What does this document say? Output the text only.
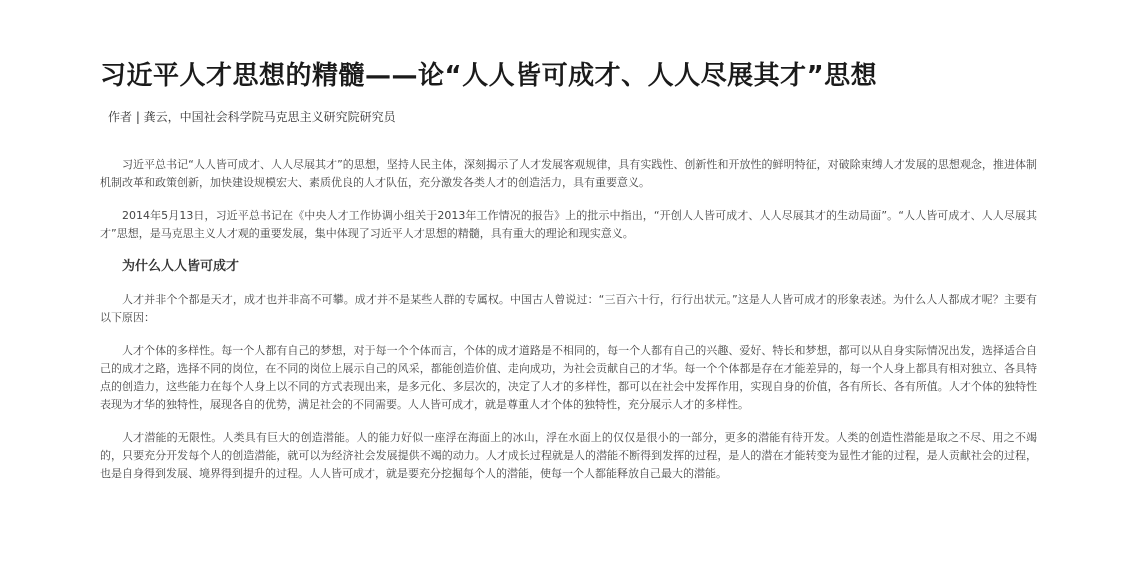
习近平人才思想的精髓——论“人人皆可成才、人人尽展其才”思想
作者 | 龚云，中国社会科学院马克思主义研究院研究员

习近平总书记“人人皆可成才、人人尽展其才”的思想，坚持人民主体，深刻揭示了人才发展客观规律，具有实践性、创新性和开放性的鲜明特征，对破除束缚人才发展的思想观念，推进体制机制改革和政策创新，加快建设规模宏大、素质优良的人才队伍，充分激发各类人才的创造活力，具有重要意义。

2014年5月13日，习近平总书记在《中央人才工作协调小组关于2013年工作情况的报告》上的批示中指出，“开创人人皆可成才、人人尽展其才的生动局面”。“人人皆可成才、人人尽展其才”思想，是马克思主义人才观的重要发展，集中体现了习近平人才思想的精髓，具有重大的理论和现实意义。

为什么人人皆可成才

人才并非个个都是天才，成才也并非高不可攀。成才并不是某些人群的专属权。中国古人曾说过：“三百六十行，行行出状元。”这是人人皆可成才的形象表述。为什么人人都成才呢？主要有以下原因：

人才个体的多样性。每一个人都有自己的梦想，对于每一个个体而言，个体的成才道路是不相同的，每一个人都有自己的兴趣、爱好、特长和梦想，都可以从自身实际情况出发，选择适合自己的成才之路，选择不同的岗位，在不同的岗位上展示自己的风采，都能创造价值、走向成功，为社会贡献自己的才华。每一个个体都是存在才能差异的，每一个人身上都具有相对独立、各具特点的创造力，这些能力在每个人身上以不同的方式表现出来，是多元化、多层次的，决定了人才的多样性，都可以在社会中发挥作用，实现自身的价值，各有所长、各有所值。人才个体的独特性表现为才华的独特性，展现各自的优势，满足社会的不同需要。人人皆可成才，就是尊重人才个体的独特性，充分展示人才的多样性。

人才潜能的无限性。人类具有巨大的创造潜能。人的能力好似一座浮在海面上的冰山，浮在水面上的仅仅是很小的一部分，更多的潜能有待开发。人类的创造性潜能是取之不尽、用之不竭的，只要充分开发每个人的创造潜能，就可以为经济社会发展提供不竭的动力。人才成长过程就是人的潜能不断得到发挥的过程，是人的潜在才能转变为显性才能的过程，是人贡献社会的过程，也是自身得到发展、境界得到提升的过程。人人皆可成才，就是要充分挖掘每个人的潜能，使每一个人都能释放自己最大的潜能。
